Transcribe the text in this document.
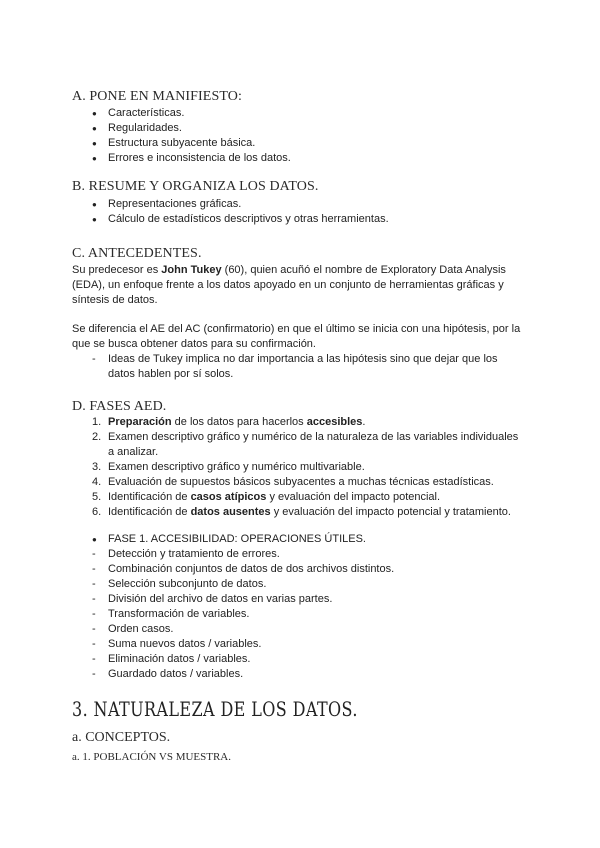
A. PONE EN MANIFIESTO:
● Características.
● Regularidades.
● Estructura subyacente básica.
● Errores e inconsistencia de los datos.
B. RESUME Y ORGANIZA LOS DATOS.
● Representaciones gráficas.
● Cálculo de estadísticos descriptivos y otras herramientas.
C. ANTECEDENTES.
Su predecesor es John Tukey (60), quien acuñó el nombre de Exploratory Data Analysis (EDA), un enfoque frente a los datos apoyado en un conjunto de herramientas gráficas y síntesis de datos.
Se diferencia el AE del AC (confirmatorio) en que el último se inicia con una hipótesis, por la que se busca obtener datos para su confirmación.
- Ideas de Tukey implica no dar importancia a las hipótesis sino que dejar que los datos hablen por sí solos.
D. FASES AED.
1. Preparación de los datos para hacerlos accesibles.
2. Examen descriptivo gráfico y numérico de la naturaleza de las variables individuales a analizar.
3. Examen descriptivo gráfico y numérico multivariable.
4. Evaluación de supuestos básicos subyacentes a muchas técnicas estadísticas.
5. Identificación de casos atípicos y evaluación del impacto potencial.
6. Identificación de datos ausentes y evaluación del impacto potencial y tratamiento.
● FASE 1. ACCESIBILIDAD: OPERACIONES ÚTILES.
- Detección y tratamiento de errores.
- Combinación conjuntos de datos de dos archivos distintos.
- Selección subconjunto de datos.
- División del archivo de datos en varias partes.
- Transformación de variables.
- Orden casos.
- Suma nuevos datos / variables.
- Eliminación datos / variables.
- Guardado datos / variables.
3. NATURALEZA DE LOS DATOS.
a. CONCEPTOS.
a. 1. POBLACIÓN VS MUESTRA.
